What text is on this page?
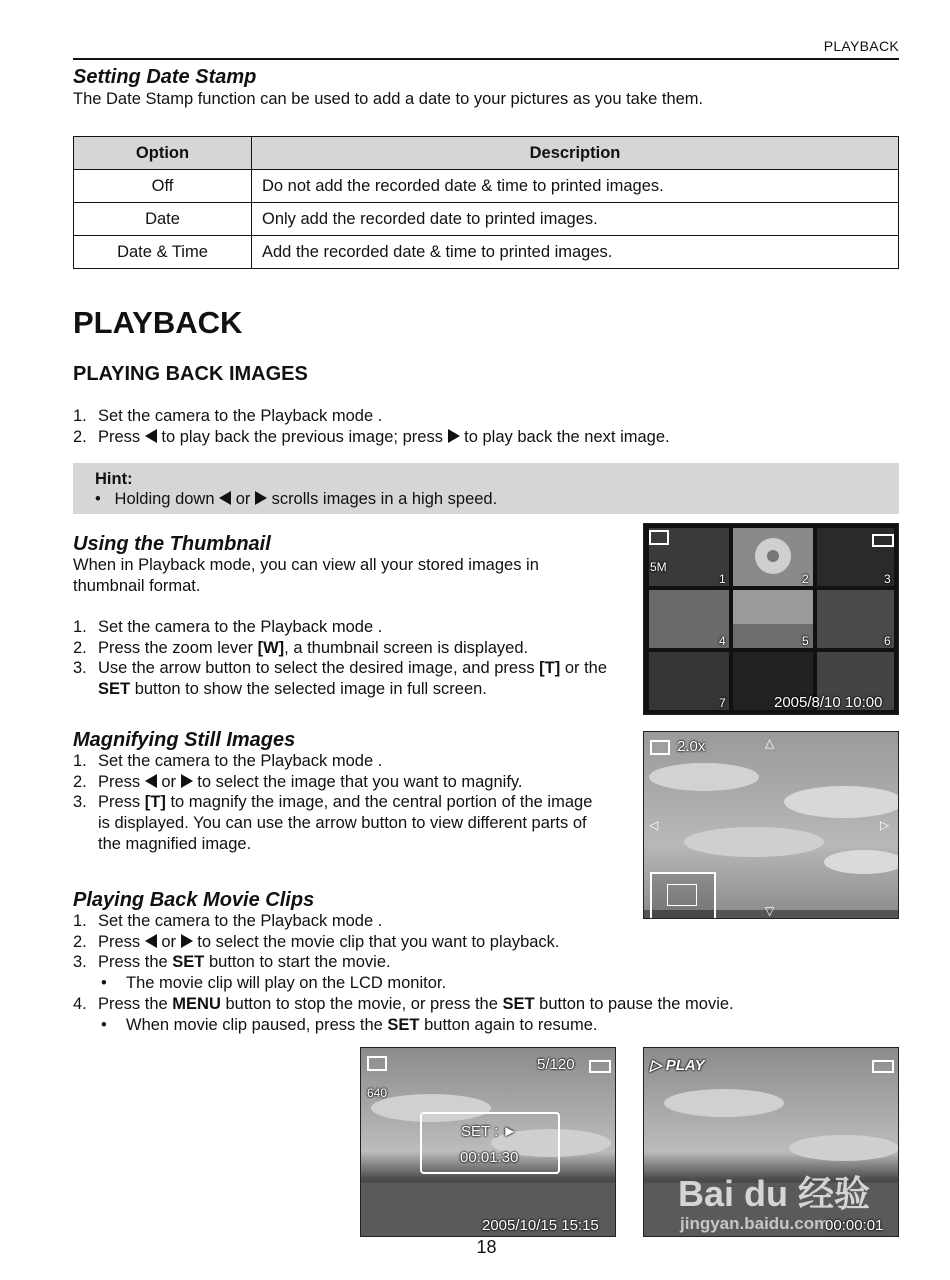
PLAYBACK
Setting Date Stamp
The Date Stamp function can be used to add a date to your pictures as you take them.
Option	Description
Off	Do not add the recorded date & time to printed images.
Date	Only add the recorded date to printed images.
Date & Time	Add the recorded date & time to printed images.
PLAYBACK
PLAYING BACK IMAGES
1. Set the camera to the Playback mode .
2. Press to play back the previous image; press to play back the next image.
Hint:
•   Holding down or scrolls images in a high speed.
Using the Thumbnail
When in Playback mode, you can view all your stored images in thumbnail format.
1. Set the camera to the Playback mode .
2. Press the zoom lever [W], a thumbnail screen is displayed.
3. Use the arrow button to select the desired image, and press [T] or the SET button to show the selected image in full screen.
5M
1	2	3
4	5	6
7	2005/8/10 10:00
Magnifying Still Images
1. Set the camera to the Playback mode .
2. Press or to select the image that you want to magnify.
3. Press [T] to magnify the image, and the central portion of the image is displayed. You can use the arrow button to view different parts of the magnified image.
2.0x	△
▽
◁	▷
Playing Back Movie Clips
1. Set the camera to the Playback mode .
2. Press or to select the movie clip that you want to playback.
3. Press the SET button to start the movie.
• The movie clip will play on the LCD monitor.
4. Press the MENU button to stop the movie, or press the SET button to pause the movie.
• When movie clip paused, press the SET button again to resume.
5/120
640
SET : ►
00:01:30
2005/10/15 15:15
▷ PLAY
Bai du 经验
jingyan.baidu.com
00:00:01
18
